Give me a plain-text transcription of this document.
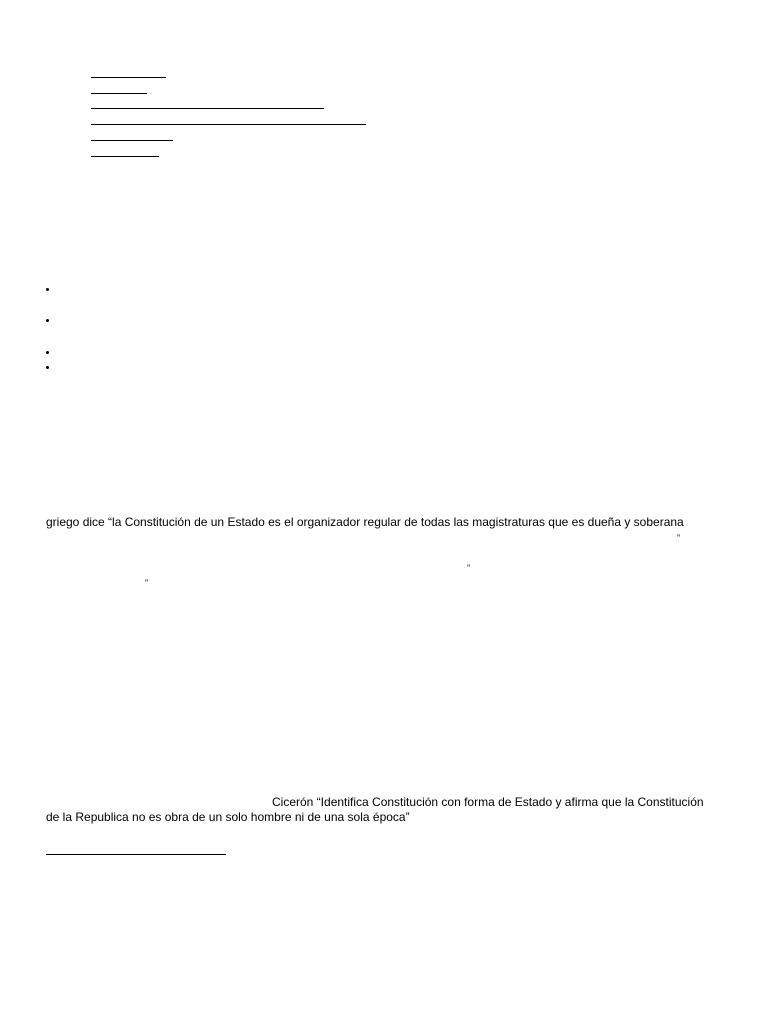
griego dice “la Constitución de un Estado es el organizador regular de todas las magistraturas que es dueña y soberana
”
”
”
Cicerón “Identifica Constitución con forma de Estado y afirma que la Constitución
de la Republica no es obra de un solo hombre ni de una sola época”
